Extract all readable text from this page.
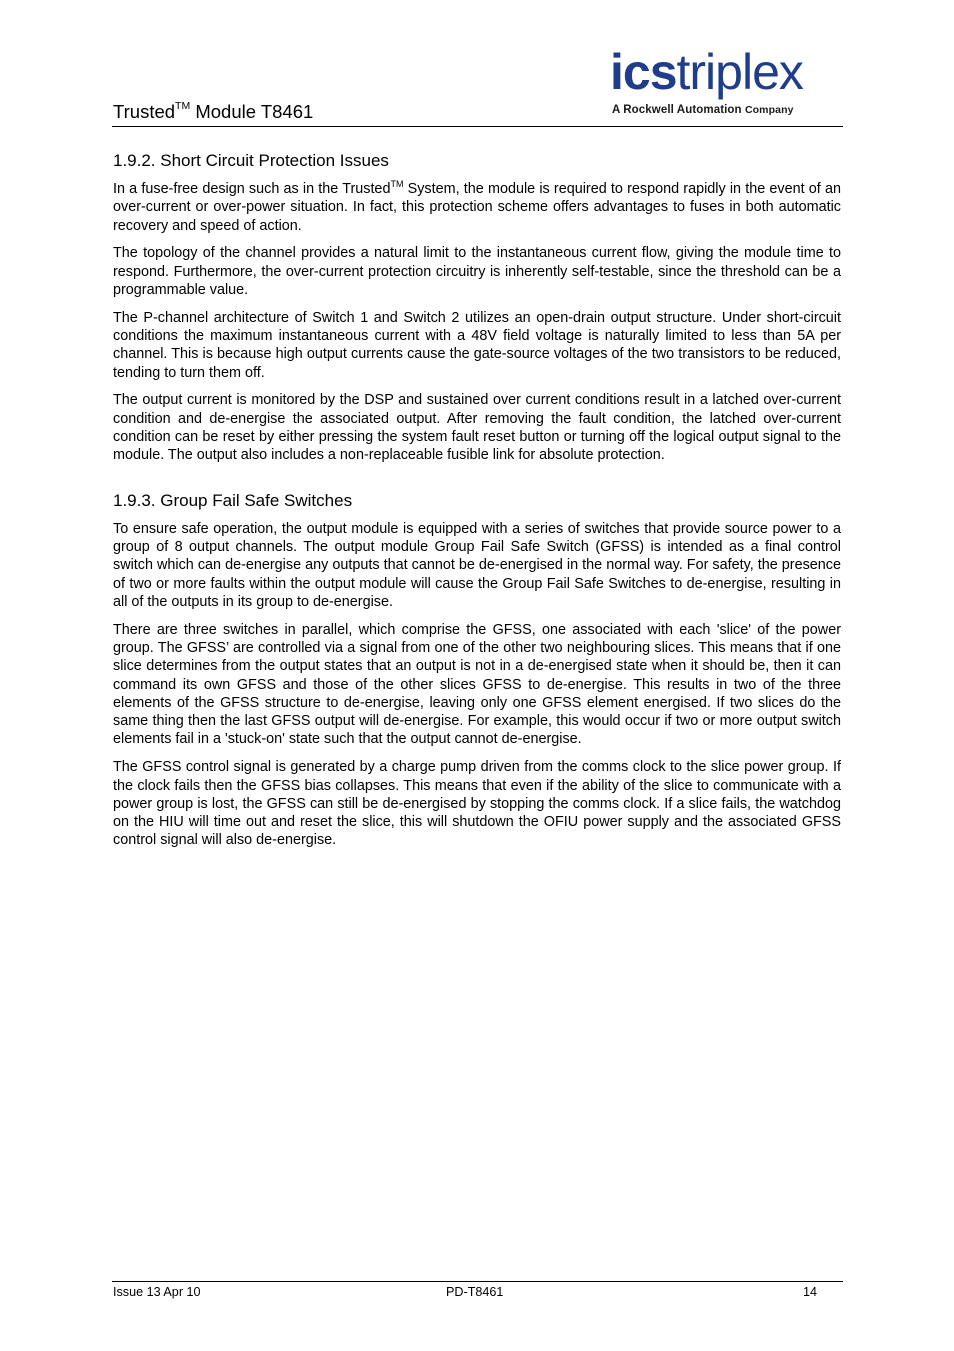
Trusted™ Module T8461
icstriplex
A Rockwell Automation Company
1.9.2. Short Circuit Protection Issues

In a fuse-free design such as in the Trusted™ System, the module is required to respond rapidly in the event of an over-current or over-power situation. In fact, this protection scheme offers advantages to fuses in both automatic recovery and speed of action.

The topology of the channel provides a natural limit to the instantaneous current flow, giving the module time to respond. Furthermore, the over-current protection circuitry is inherently self-testable, since the threshold can be a programmable value.

The P-channel architecture of Switch 1 and Switch 2 utilizes an open-drain output structure. Under short-circuit conditions the maximum instantaneous current with a 48V field voltage is naturally limited to less than 5A per channel. This is because high output currents cause the gate-source voltages of the two transistors to be reduced, tending to turn them off.

The output current is monitored by the DSP and sustained over current conditions result in a latched over-current condition and de-energise the associated output. After removing the fault condition, the latched over-current condition can be reset by either pressing the system fault reset button or turning off the logical output signal to the module. The output also includes a non-replaceable fusible link for absolute protection.

1.9.3. Group Fail Safe Switches

To ensure safe operation, the output module is equipped with a series of switches that provide source power to a group of 8 output channels. The output module Group Fail Safe Switch (GFSS) is intended as a final control switch which can de-energise any outputs that cannot be de-energised in the normal way. For safety, the presence of two or more faults within the output module will cause the Group Fail Safe Switches to de-energise, resulting in all of the outputs in its group to de-energise.

There are three switches in parallel, which comprise the GFSS, one associated with each 'slice' of the power group. The GFSS’ are controlled via a signal from one of the other two neighbouring slices. This means that if one slice determines from the output states that an output is not in a de-energised state when it should be, then it can command its own GFSS and those of the other slices GFSS to de-energise. This results in two of the three elements of the GFSS structure to de-energise, leaving only one GFSS element energised. If two slices do the same thing then the last GFSS output will de-energise. For example, this would occur if two or more output switch elements fail in a 'stuck-on' state such that the output cannot de-energise.

The GFSS control signal is generated by a charge pump driven from the comms clock to the slice power group. If the clock fails then the GFSS bias collapses. This means that even if the ability of the slice to communicate with a power group is lost, the GFSS can still be de-energised by stopping the comms clock. If a slice fails, the watchdog on the HIU will time out and reset the slice, this will shutdown the OFIU power supply and the associated GFSS control signal will also de-energise.

Issue 13 Apr 10	PD-T8461	14
